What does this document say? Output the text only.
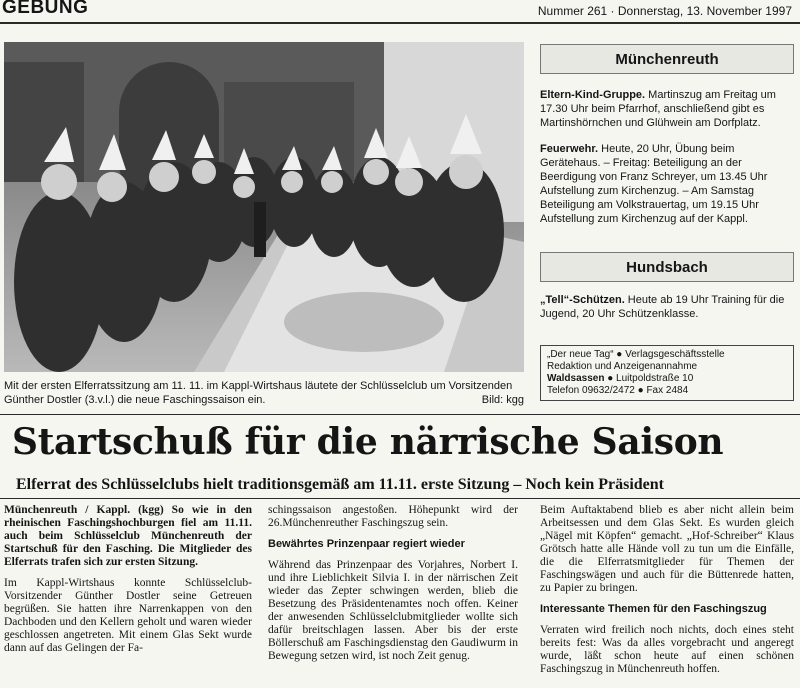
GEBUNG	Nummer 261 · Donnerstag, 13. November 1997
Mit der ersten Elferratssitzung am 11. 11. im Kappl-Wirtshaus läutete der Schlüsselclub um Vorsitzenden Günther Dostler (3.v.l.) die neue Faschingssaison ein.	Bild: kgg
Münchenreuth
Eltern-Kind-Gruppe. Martinszug am Freitag um 17.30 Uhr beim Pfarrhof, anschließend gibt es Martinshörnchen und Glühwein am Dorfplatz.
Feuerwehr. Heute, 20 Uhr, Übung beim Gerätehaus. – Freitag: Beteiligung an der Beerdigung von Franz Schreyer, um 13.45 Uhr Aufstellung zum Kirchenzug. – Am Samstag Beteiligung am Volkstrauertag, um 19.15 Uhr Aufstellung zum Kirchenzug auf der Kappl.
Hundsbach
„Tell“-Schützen. Heute ab 19 Uhr Training für die Jugend, 20 Uhr Schützenklasse.
„Der neue Tag“ ● Verlagsgeschäftsstelle
Redaktion und Anzeigenannahme
Waldsassen ● Luitpoldstraße 10
Telefon 09632/2472 ● Fax 2484
Startschuß für die närrische Saison
Elferrat des Schlüsselclubs hielt traditionsgemäß am 11.11. erste Sitzung – Noch kein Präsident

Münchenreuth / Kappl. (kgg) So wie in den rheinischen Faschingshochburgen fiel am 11.11. auch beim Schlüsselclub Münchenreuth der Startschuß für den Fasching. Die Mitglieder des Elferrats trafen sich zur ersten Sitzung.

Im Kappl-Wirtshaus konnte Schlüsselclub-Vorsitzender Günther Dostler seine Getreuen begrüßen. Sie hatten ihre Narrenkappen von den Dachboden und den Kellern geholt und waren wieder geschlossen angetreten. Mit einem Glas Sekt wurde dann auf das Gelingen der Fa-

schingssaison angestoßen. Höhepunkt wird der 26.Münchenreuther Faschingszug sein.

Bewährtes Prinzenpaar regiert wieder

Während das Prinzenpaar des Vorjahres, Norbert I. und ihre Lieblichkeit Silvia I. in der närrischen Zeit wieder das Zepter schwingen werden, blieb die Besetzung des Präsidentenamtes noch offen. Keiner der anwesenden Schlüsselclubmitglieder wollte sich dafür breitschlagen lassen. Aber bis der erste Böllerschuß am Faschingsdienstag den Gaudiwurm in Bewegung setzen wird, ist noch Zeit genug.

Beim Auftaktabend blieb es aber nicht allein beim Arbeitsessen und dem Glas Sekt. Es wurden gleich „Nägel mit Köpfen“ gemacht. „Hof-Schreiber“ Klaus Grötsch hatte alle Hände voll zu tun um die Einfälle, die die Elferratsmitglieder für Themen der Faschingswägen und auch für die Büttenrede hatten, zu Papier zu bringen.

Interessante Themen für den Faschingszug

Verraten wird freilich noch nichts, doch eines steht bereits fest: Was da alles vorgebracht und angeregt wurde, läßt schon heute auf einen schönen Faschingszug in Münchenreuth hoffen.
